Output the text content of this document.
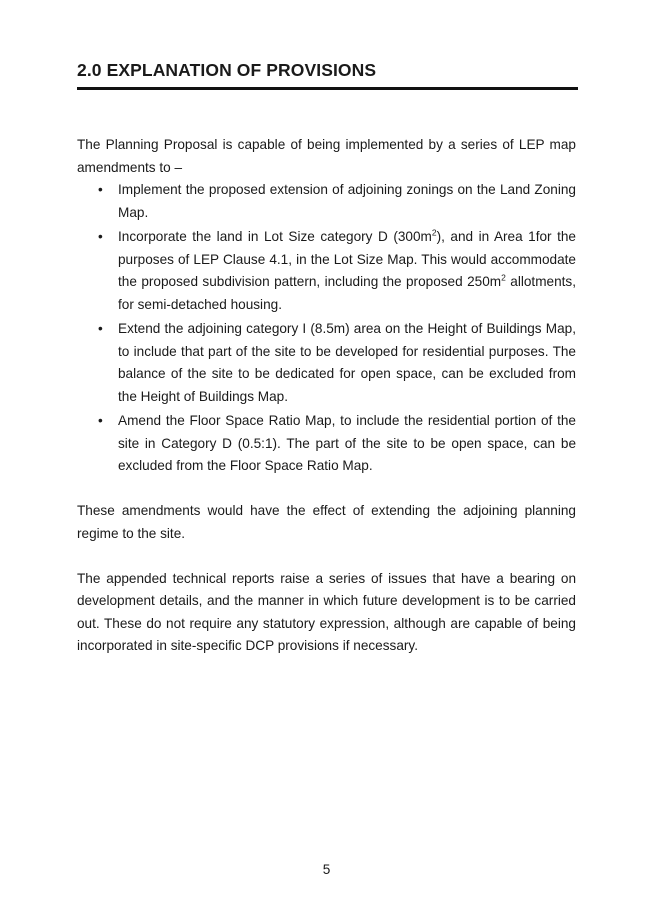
2.0 EXPLANATION OF PROVISIONS

The Planning Proposal is capable of being implemented by a series of LEP map amendments to –

•	Implement the proposed extension of adjoining zonings on the Land Zoning Map.
•	Incorporate the land in Lot Size category D $(300m^2)$, and in Area 1for the purposes of LEP Clause 4.1, in the Lot Size Map. This would accommodate the proposed subdivision pattern, including the proposed $250m^2$ allotments, for semi-detached housing.
•	Extend the adjoining category I (8.5m) area on the Height of Buildings Map, to include that part of the site to be developed for residential purposes. The balance of the site to be dedicated for open space, can be excluded from the Height of Buildings Map.
•	Amend the Floor Space Ratio Map, to include the residential portion of the site in Category D (0.5:1). The part of the site to be open space, can be excluded from the Floor Space Ratio Map.

These amendments would have the effect of extending the adjoining planning regime to the site.

The appended technical reports raise a series of issues that have a bearing on development details, and the manner in which future development is to be carried out. These do not require any statutory expression, although are capable of being incorporated in site-specific DCP provisions if necessary.

5
